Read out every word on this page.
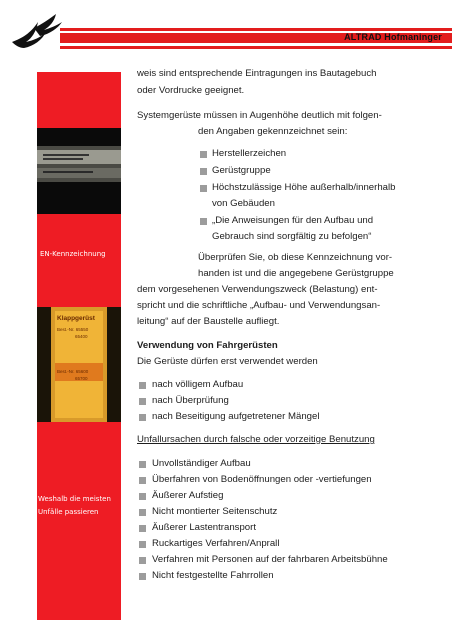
ALTRAD Hofmaninger
EN-Kennzeichnung
Klappgerüst
Best.-Nr. 65550
65400
Best.-Nr. 65600
65700
Weshalb die meisten
Unfälle passieren
weis sind entsprechende Eintragungen ins Bautagebuch
oder Vordrucke geeignet.
Systemgerüste müssen in Augenhöhe deutlich mit folgen-
den Angaben gekennzeichnet sein:
Herstellerzeichen
Gerüstgruppe
Höchstzulässige Höhe außerhalb/innerhalb
von Gebäuden
„Die Anweisungen für den Aufbau und
Gebrauch sind sorgfältig zu befolgen“
Überprüfen Sie, ob diese Kennzeichnung vor-
handen ist und die angegebene Gerüstgruppe
dem vorgesehenen Verwendungszweck (Belastung) ent-
spricht und die schriftliche „Aufbau- und Verwendungsan-
leitung“ auf der Baustelle aufliegt.
Verwendung von Fahrgerüsten
Die Gerüste dürfen erst verwendet werden
nach völligem Aufbau
nach Überprüfung
nach Beseitigung aufgetretener Mängel
Unfallursachen durch falsche oder vorzeitige Benutzung
Unvollständiger Aufbau
Überfahren von Bodenöffnungen oder -vertiefungen
Äußerer Aufstieg
Nicht montierter Seitenschutz
Äußerer Lastentransport
Ruckartiges Verfahren/Anprall
Verfahren mit Personen auf der fahrbaren Arbeitsbühne
Nicht festgestellte Fahrrollen
